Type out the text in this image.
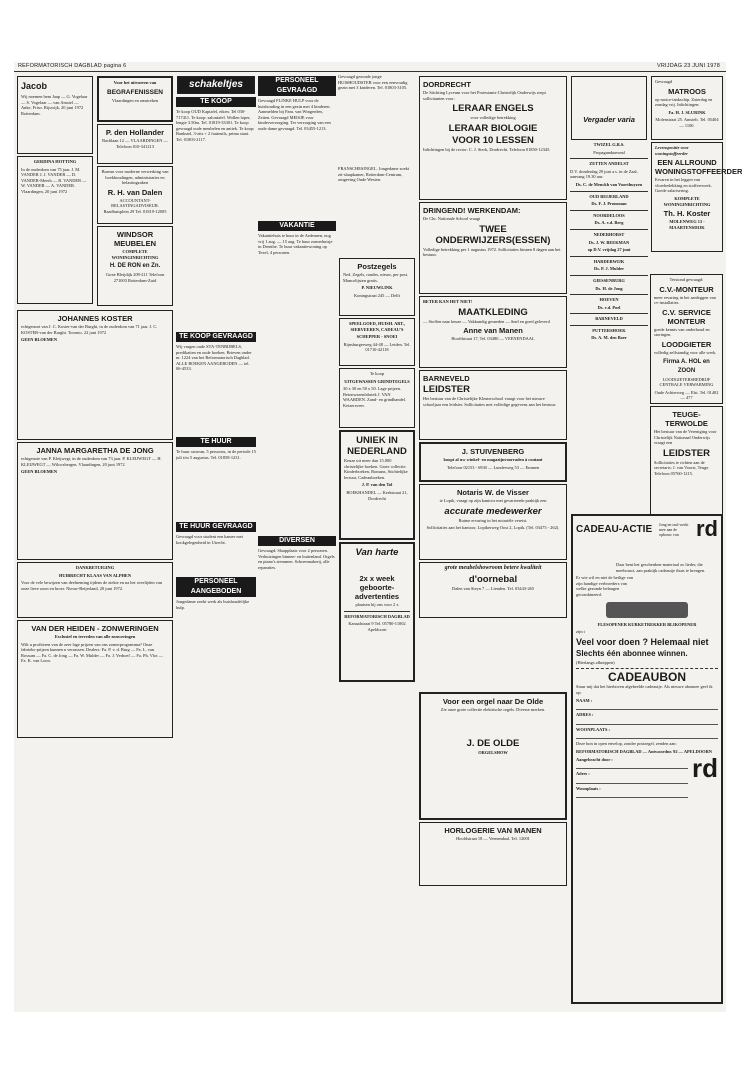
REFORMATORISCH DAGBLAD pagina 6	VRIJDAG 23 JUNI 1978
Jacob
Wij noemen hem Jaap — G. Vogelaar — S. Vogelaar — van Amstel — Anke, Friso. Rijswijk, 20 juni 1972 Rotterdam.
GERDINA HOTTING
In de ouderdom van 75 jaar. J. M. VANDER J. J. VANDER — D. VANDER-Meerb — R. VANDER — W. VANDER — A. VANDER. Vlaardingen, 20 juni 1972
JOHANNES KOSTER
echtgenoot van J. C. Koster-van der Burght, in de ouderdom van 71 jaar. J. C. KOSTER-van der Burght. Toronto, 22 juni 1972
GEEN BLOEMEN
JANNA MARGARETHA DE JONG
echtgenote van P. Kleijwegt, in de ouderdom van 73 jaar. P. KLEIJWEGT — H. KLEIJWEGT — Wilcoxbergen. Vlaardingen, 20 juni 1972
GEEN BLOEMEN
DANKBETUIGING
HUIBRECHT KLAAS VAN ALPHEN
Voor de vele bewijzen van deelneming tijdens de ziekte en na het overlijden van onze lieve zoon en broer. Nieuw-Beijerland, 20 juni 1972.
VAN DER HEIDEN - ZONWERINGEN
Exclusief en tevreden van alle zonweringen
Wilt u profiteren van de zeer lage prijzen van ons zomerprogramma? Onze fabrieks-prijzen kunnen u verrassen. Dealers: Fa. P. v. d. Burg — Fa. L. van Rossum — Fa. C. de Jong — Fa. W. Mulder — Fa. J. Verhoef — Fa. Ph. Vlot — Fa. K. van Loon.
Voor het uitvoeren van
BEGRAFENISSEN
Vlaardingen en omstreken
P. den Hollander
Bachlaan 12 — VLAARDINGEN — Telefoon 010-341213
Bureau voor moderne verwerking van boekhoudingen, administraties en belastingzaken
R. H. van Dalen
ACCOUNTANT-BELASTINGADVISEUR. Raadhuisplein 29 Tel. 01819-12005
WINDSOR MEUBELEN
COMPLETE WONINGINRICHTING
H. DE RON en Zn.
Grote Bleijdijk 209-211 Telefoon 271003 Rotterdam-Zuid
schakeltjes
TE KOOP
Te koop OUD Kaptafel, eiken. Tel 030-717411. Te koop: salontafel. Wollen loper, lengte 3.50m. Tel. 01819-33301. Te koop gevraagd oude meubelen en antiek. Te koop: Bankstel, 3-zits + 2 fauteuils, prima staat. Tel. 01803-2117.
TE KOOP GEVRAAGD
Wij vragen oude STA-TENBIJBELS, predikatien en oude boeken. Brieven onder nr. 1224 van het Reformatorisch Dagblad. ALLE BOEKEN AANGEBODEN — tel. 06-4533.
TE HUUR
Te huur caravan, 5 persoons, in de periode 15 juli t/m 5 augustus. Tel. 01858-1231.
TE HUUR GEVRAAGD
Gevraagd voor student een kamer met kookgelegenheid in Utrecht.
PERSONEEL AANGEBODEN
Jongedame zoekt werk als huishoudelijke hulp.
PERSONEEL GEVRAAGD
Gevraagd FLINKE HULP voor de huishouding in een gezin met 4 kinderen. Aanmelden bij Fam. van Wingerden, Zetten. Gevraagd MEISJE voor kinderverzorging. Ter verzorging van een oude dame gevraagd. Tel. 03455-1213.
VAKANTIE
Vakantiehuis te huur in de Ardennen, nog vrij 1 aug. — 15 aug. Te huur zomerhuisje in Drenthe. Te huur vakantiewoning op Texel, 4 personen.
DIVERSEN
Gevraagd: Slaapplaats voor 2 personen. Verhuizingen binnen- en buitenland. Orgels en piano's stemmen. Schoenmakerij, alle reparaties.
Gevraagd gezonde jonge HUISHOUDSTER voor een eenvoudig gezin met 3 kinderen. Tel. 01803-3105.
FRANSCHESINGEL. Jongedame zoekt zit-slaapkamer, Rotterdam-Centrum, omgeving Oude Westen.
Postzegels
Ned. Zegels, rondes, nieuw, per post. Mancolijsten gratis.
P. NIEUWLINK
Koningstraat 245 — Delft
SPEELGOED, HUISH. ART., SIERVEEREN, CADEAU'S
SCHEPPER - SNOEI
Rijnsburgerweg 44-48 — Leiden. Tel. 01710-42118
Te koop
UITGEWASSEN GRINDTEGELS
30 x 30 en 50 x 50. Lage prijzen. Betonwarenfabriek J. VAN WAARDEN. Zand- en grindhandel. Keizersveer.
UNIEK IN NEDERLAND
Keuze uit meer dan 15.000 christelijke boeken. Grote collectie. Kinderboeken, Romans, Stichtelijke lectuur, Cadeauboeken.
J. P. van den Tol
BOEKHANDEL — Kerkstraat 21, Dordrecht
Van harte
2x x week geboorte-advertenties
plaatsen bij ons voor 2 x
REFORMATORISCH DAGBLAD
Kanaalstraat 9 Tel. 05780-11002 Apeldoorn
DORDRECHT
De Stichting Lyceum voor het Protestants-Christelijk Onderwijs roept sollicitanten voor:
LERAAR ENGELS
voor volledige betrekking
LERAAR BIOLOGIE
VOOR 10 LESSEN
Inlichtingen bij de rector: C. J. Sterk, Dordrecht. Telefoon 01850-12345.
DRINGEND! WERKENDAM:
De Chr. Nationale School vraagt
TWEE ONDERWIJZERS(ESSEN)
Volledige betrekking per 1 augustus 1972. Sollicitaties binnen 8 dagen aan het bestuur.
BETER KAN HET NIET!
MAATKLEDING
— Stoffen naar keuze — Vakkundig gesneden — Snel en goed geleverd
Anne van Manen
Hoofdstraat 17, Tel. 03480 — VEENENDAAL
BARNEVELD
LEIDSTER
Het bestuur van de Christelijke Kleuterschool vraagt voor het nieuwe schooljaar een leidster. Sollicitaties met volledige gegevens aan het bestuur.
J. STUIVENBERG
koopt al uw winkel- en magazijnvoorraden à contant
Telefoon 02153 - 6930 — Lunderweg 53 — Emmen
Notaris W. de Visser
te Lopik, vraagt op zijn kantoor met gevarieerde praktijk een
accurate medewerker
Ruime ervaring in het notariële vereist.
Sollicitaties aan het kantoor, Lopikerweg Oost 2, Lopik. (Tel. 03475 - 262).
grote meubelshowroom betere kwaliteit
d'oornebal
Dalen van Steyn 7 — Lienden. Tel. 03443-265
Voor een orgel naar De Olde
Zie onze grote collectie elektrische orgels. Diverse merken.
J. DE OLDE
ORGELSHOW
HORLOGERIE VAN MANEN
Hoofdstraat 18 — Veenendaal. Tel. 12001
Vergader varia
TWIZEL G.B.S.
Propagandaavond
ZETTEN ANDELST
D.V. donderdag 29 juni a.s. in de Zaal, aanvang 19.30 uur.
Ds. C. de Menckh van Voorthuyzen
OUD BEIJERLAND
Ds. F. J. Pronsman
NOORDELOOS
Ds. A. v.d. Berg
NEDERHORST
Ds. J. W. BEEKMAN
op D.V. vrijdag 27 juni
HARDERWIJK
Ds. P. J. Mulder
GIESSENBURG
Ds. H. de Jong
HOEVEN
Ds. v.d. Poel
BARNEVELD
PUTTERSHOEK
Ds. A. M. den Boer
Gevraagd
MATROOS
op motor-tankschip. Zaterdag en zondag vrij. Inlichtingen:
Fa. H. J. SLURINK
Molenstraat 25. Amstelt. Tel. 05404 — 1100.
Levenspositie voor woningstoffeerder
EEN ALLROUND WONINGSTOFFEERDER
Ervaren in het leggen van vloerbedekking en stoffeerwerk. Goede salarisering.
KOMPLETE WONINGINRICHTING
Th. H. Koster
MOLENWEG 13 - MAARTENSDIJK
Terstond gevraagd:
C.V.-MONTEUR
meer ervaring in het aanleggen van cv-installaties.
C.V. SERVICE MONTEUR
goede kennis van onderhoud en storingen.
LOODGIETER
volledig zelfstandig voor alle werk.
Firma A. HOL en ZOON
LOODGIETERSBEDRIJF CENTRALE VERWARMING
Oude Achterweg — Elst. Tel. 01402 — 477
TEUGE-TERWOLDE
Het bestuur van de Vereniging voor Christelijk Nationaal Onderwijs vraagt een
LEIDSTER
Sollicitaties te richten aan de secretaris: J. van Voorst, Teuge. Telefoon 05760-1215.
CADEAU-ACTIE Jong en oud werkt mee aan de opbouw van rd
Daar bent het geschenken-materiaal zo lieder, die meebouwt, aan praktijk cadeautje thuis te brengen.
Er wie wil en niet de heilige van zijn handige verbroeders van welke gezonde belangen gecombineerd.
FLESOPENER KURKETREKKER BLIKOPENER
zijn t
Veel voor doen ? Helemaal niet
Slechts één abonnee winnen.
(Hierlangs afknippen)
CADEAUBON
Stuur mij dat het hierboven afgebeelde cadeautje. Als nieuwe abonnee geef ik op:
NAAM :
ADRES :
WOONPLAATS :
Deze bon in open envelop, zonder postzegel, zenden aan:
REFORMATORISCH DAGBLAD — Antwoordnr. 92 — APELDOORN
Aangebracht door :
Adres :
Woonplaats :
rd
